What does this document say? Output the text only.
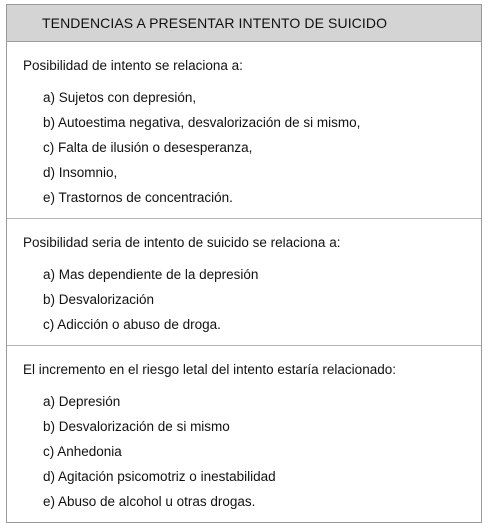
TENDENCIAS A PRESENTAR INTENTO DE SUICIDO
Posibilidad de intento se relaciona a:
a) Sujetos con depresión,
b) Autoestima negativa, desvalorización de si mismo,
c) Falta de ilusión o desesperanza,
d) Insomnio,
e) Trastornos de concentración.
Posibilidad seria de intento de suicido se relaciona a:
a) Mas dependiente de la depresión
b) Desvalorización
c) Adicción o abuso de droga.
El incremento en el riesgo letal del intento estaría relacionado:
a) Depresión
b) Desvalorización de si mismo
c) Anhedonia
d) Agitación psicomotriz o inestabilidad
e) Abuso de alcohol u otras drogas.
